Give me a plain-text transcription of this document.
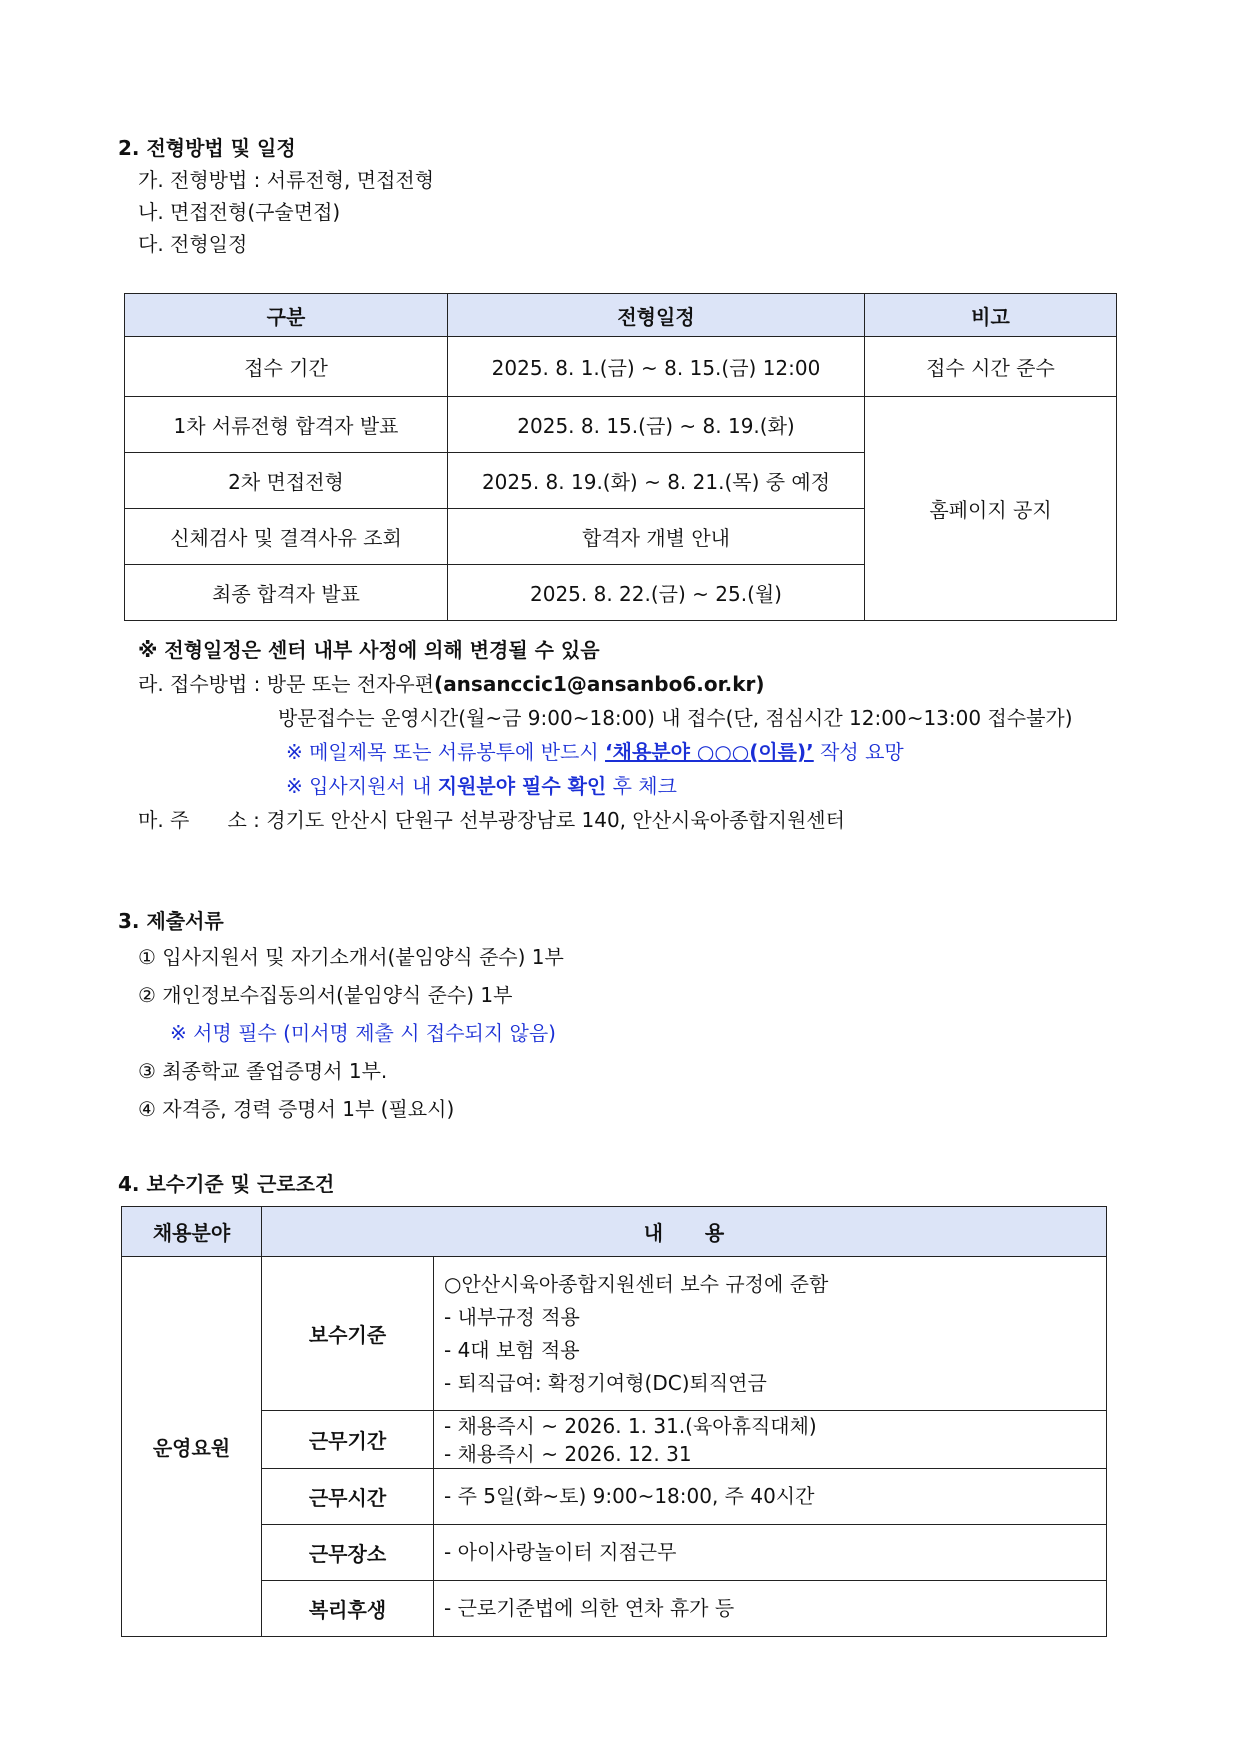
2. 전형방법 및 일정
가. 전형방법 : 서류전형, 면접전형
나. 면접전형(구술면접)
다. 전형일정
구분	전형일정	비고
접수 기간	2025. 8. 1.(금) ~ 8. 15.(금) 12:00	접수 시간 준수
1차 서류전형 합격자 발표	2025. 8. 15.(금) ~ 8. 19.(화)	홈페이지 공지
2차 면접전형	2025. 8. 19.(화) ~ 8. 21.(목) 중 예정	
신체검사 및 결격사유 조회	합격자 개별 안내	
최종 합격자 발표	2025. 8. 22.(금) ~ 25.(월)	
※ 전형일정은 센터 내부 사정에 의해 변경될 수 있음
라. 접수방법 : 방문 또는 전자우편(ansanccic1@ansanbo6.or.kr)
방문접수는 운영시간(월~금 9:00~18:00) 내 접수(단, 점심시간 12:00~13:00 접수불가)
※ 메일제목 또는 서류봉투에 반드시 ‘채용분야 ○○○(이름)’ 작성 요망
※ 입사지원서 내 지원분야 필수 확인 후 체크
마. 주      소 : 경기도 안산시 단원구 선부광장남로 140, 안산시육아종합지원센터
3. 제출서류
① 입사지원서 및 자기소개서(붙임양식 준수) 1부
② 개인정보수집동의서(붙임양식 준수) 1부
※ 서명 필수 (미서명 제출 시 접수되지 않음)
③ 최종학교 졸업증명서 1부.
④ 자격증, 경력 증명서 1부 (필요시)
4. 보수기준 및 근로조건
채용분야	내      용	
운영요원	보수기준	○안산시육아종합지원센터 보수 규정에 준함
- 내부규정 적용
- 4대 보험 적용
- 퇴직급여: 확정기여형(DC)퇴직연금

	근무기간	- 채용즉시 ~ 2026. 1. 31.(육아휴직대체)
- 채용즉시 ~ 2026. 12. 31

	근무시간	- 주 5일(화~토) 9:00~18:00, 주 40시간

	근무장소	- 아이사랑놀이터 지점근무

	복리후생	- 근로기준법에 의한 연차 휴가 등
